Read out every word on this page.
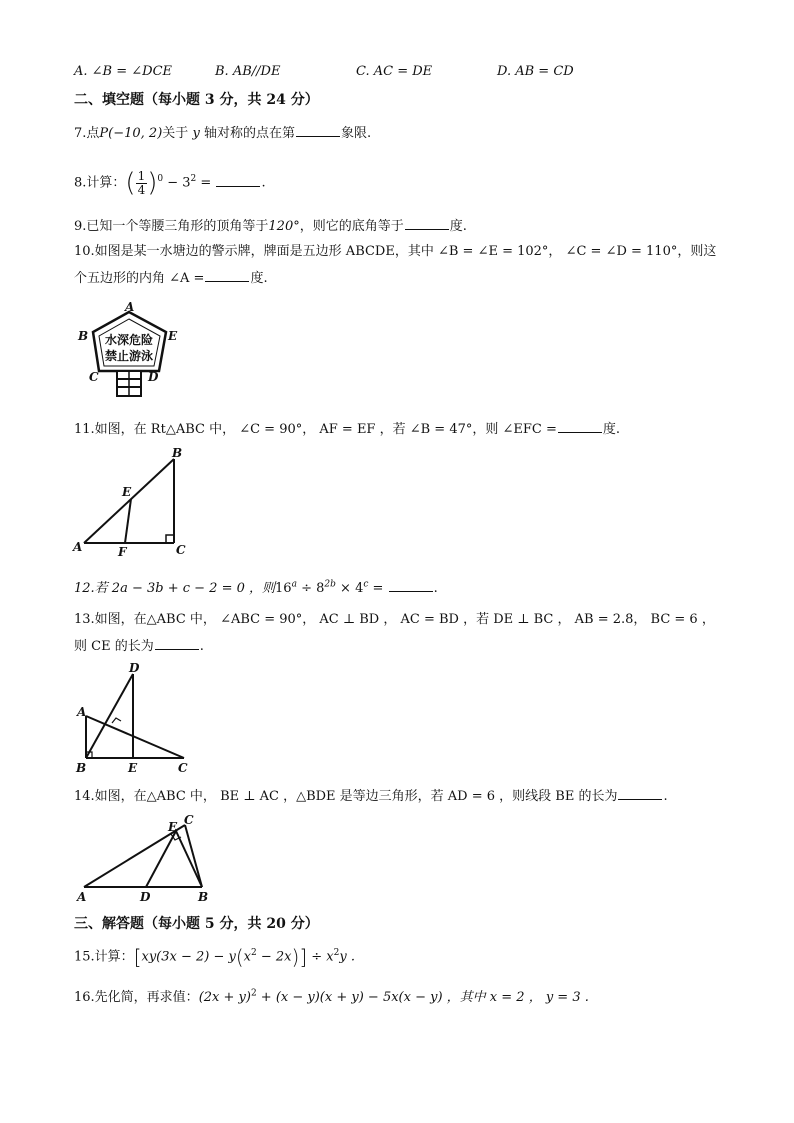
A. ∠B = ∠DCE	B. AB//DE	C. AC = DE	D. AB = CD
二、填空题（每小题 3 分，共 24 分）
7.点P(−10, 2)关于 y 轴对称的点在第	象限.
8.计算：( $\frac{1}{4} )^0 - 3^2$ =	.
9.已知一个等腰三角形的顶角等于120°，则它的底角等于	度.
10.如图是某一水塘边的警示牌，牌面是五边形 ABCDE，其中 ∠B = ∠E = 102°， ∠C = ∠D = 110°，则这
个五边形的内角 ∠A =	度.
水深危险
禁止游泳
A
B	E
C	D
11.如图，在 Rt△ABC 中， ∠C = 90°， AF = EF ，若 ∠B = 47°，则 ∠EFC =	度.
A
B
C
E
F
12.若 2a − 3b + c − 2 = 0 ，则$16^a \div 8^{2b} \times 4^c$ =	.
13.如图，在△ABC 中， ∠ABC = 90°， AC ⊥ BD ， AC = BD ，若 DE ⊥ BC ， AB = 2.8， BC = 6 ，
则 CE 的长为	.
D
A
B	E	C
14.如图，在△ABC 中， BE ⊥ AC ，△BDE 是等边三角形，若 AD = 6 ，则线段 BE 的长为	.
C
E
A	D	B
三、解答题（每小题 5 分，共 20 分）
15.计算：$[xy(3x - 2) - y(x^2 - 2x)] \div x^2y$ .
16.先化简，再求值：$(2x + y)^2 + (x - y)(x + y) - 5x(x - y)$ ，其中 x = 2 ， y = 3 .
